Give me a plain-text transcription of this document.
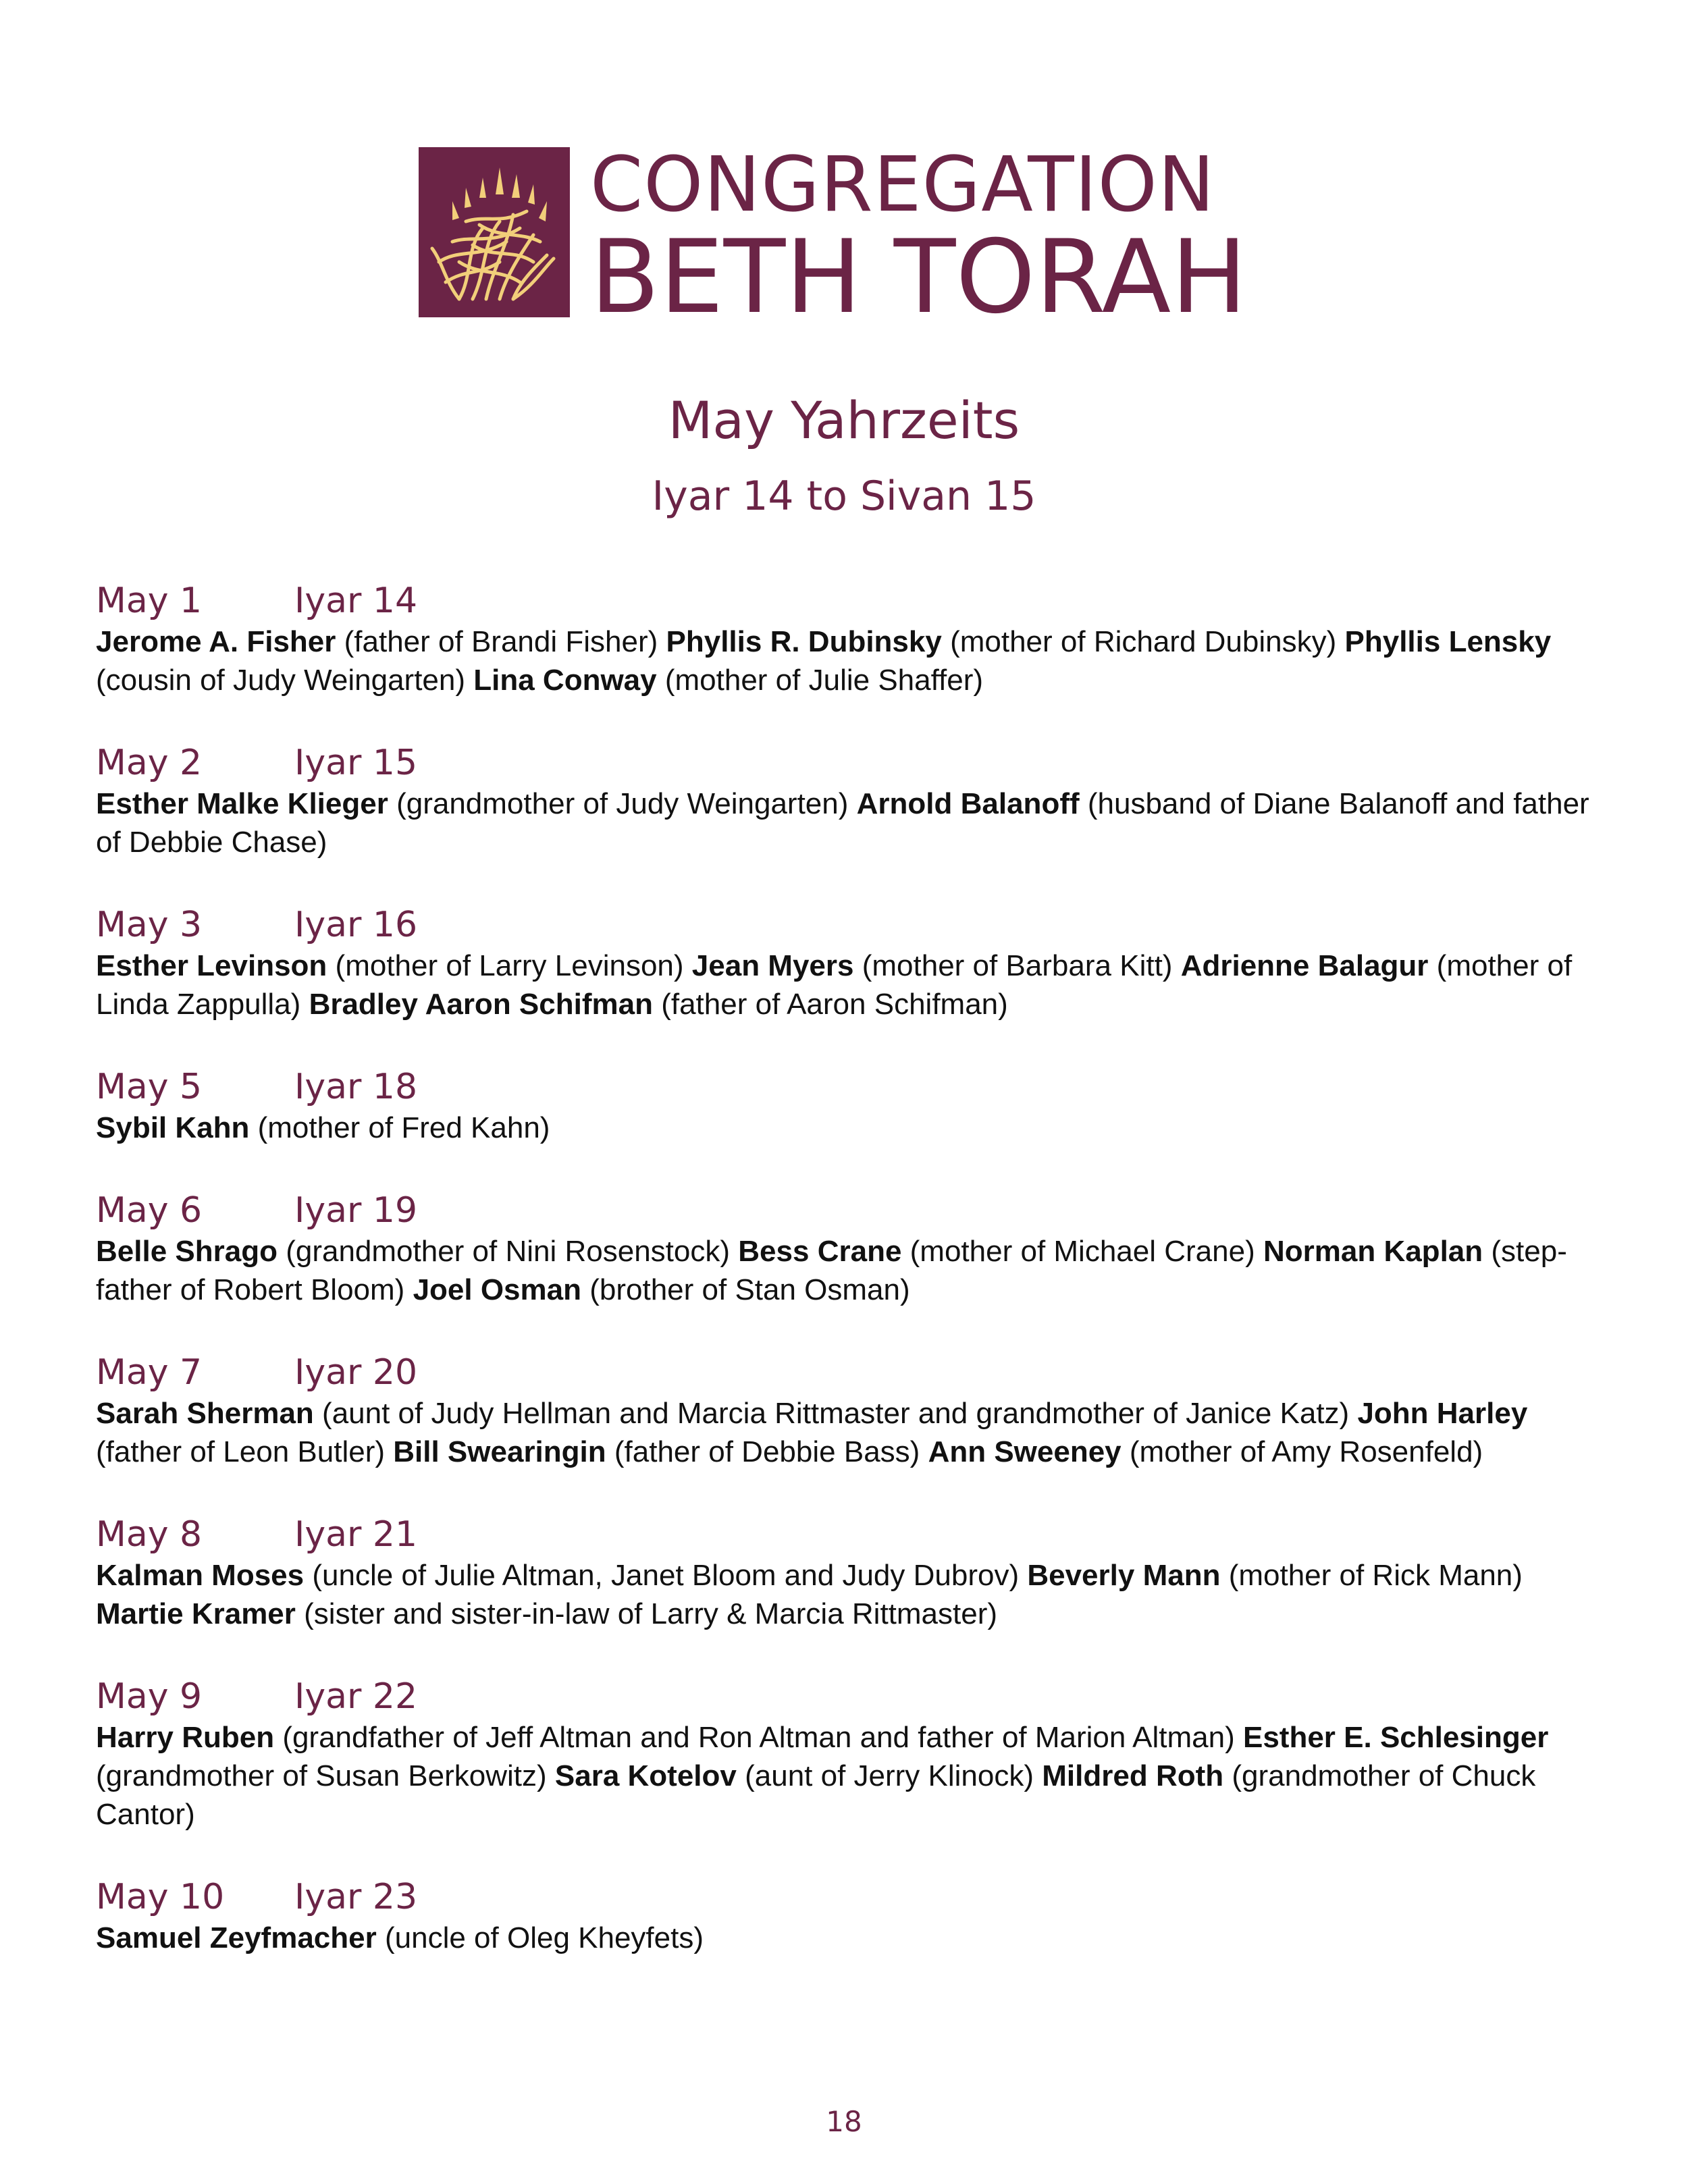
CONGREGATION
BETH TORAH
May Yahrzeits
Iyar 14 to Sivan 15
May 1	Iyar 14
Jerome A. Fisher (father of Brandi Fisher) Phyllis R. Dubinsky (mother of Richard Dubinsky) Phyllis Lensky (cousin of Judy Weingarten) Lina Conway (mother of Julie Shaffer)
May 2	Iyar 15
Esther Malke Klieger (grandmother of Judy Weingarten) Arnold Balanoff (husband of Diane Balanoff and father of Debbie Chase)
May 3	Iyar 16
Esther Levinson (mother of Larry Levinson) Jean Myers (mother of Barbara Kitt) Adrienne Balagur (mother of Linda Zappulla) Bradley Aaron Schifman (father of Aaron Schifman)
May 5	Iyar 18
Sybil Kahn (mother of Fred Kahn)
May 6	Iyar 19
Belle Shrago (grandmother of Nini Rosenstock) Bess Crane (mother of Michael Crane) Norman Kaplan (step-father of Robert Bloom) Joel Osman (brother of Stan Osman)
May 7	Iyar 20
Sarah Sherman (aunt of Judy Hellman and Marcia Rittmaster and grandmother of Janice Katz) John Harley (father of Leon Butler) Bill Swearingin (father of Debbie Bass) Ann Sweeney (mother of Amy Rosenfeld)
May 8	Iyar 21
Kalman Moses (uncle of Julie Altman, Janet Bloom and Judy Dubrov) Beverly Mann (mother of Rick Mann) Martie Kramer (sister and sister-in-law of Larry & Marcia Rittmaster)
May 9	Iyar 22
Harry Ruben (grandfather of Jeff Altman and Ron Altman and father of Marion Altman) Esther E. Schlesinger (grandmother of Susan Berkowitz) Sara Kotelov (aunt of Jerry Klinock) Mildred Roth (grandmother of Chuck Cantor)
May 10 Iyar 23
Samuel Zeyfmacher (uncle of Oleg Kheyfets)
18
